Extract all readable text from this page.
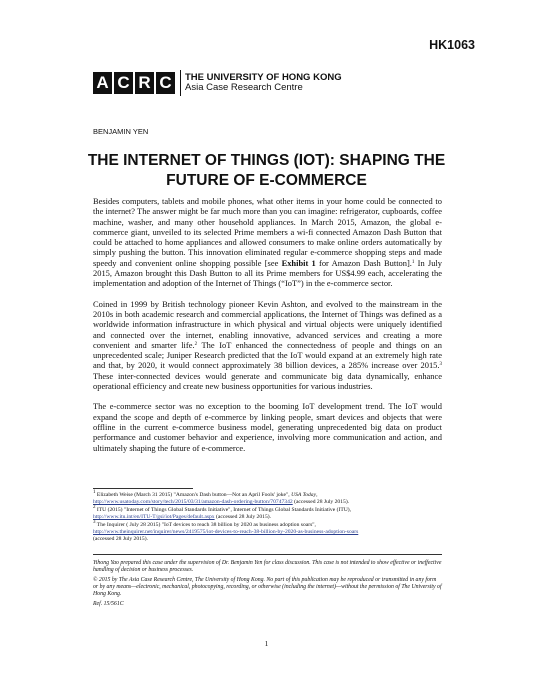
HK1063
A C R C	THE UNIVERSITY OF HONG KONG
Asia Case Research Centre
BENJAMIN YEN
THE INTERNET OF THINGS (IOT): SHAPING THE
FUTURE OF E-COMMERCE

Besides computers, tablets and mobile phones, what other items in your home could be connected to the internet? The answer might be far much more than you can imagine: refrigerator, cupboards, coffee machine, washer, and many other household appliances. In March 2015, Amazon, the global e-commerce giant, unveiled to its selected Prime members a wi-fi connected Amazon Dash Button that could be attached to home appliances and allowed consumers to make online orders automatically by simply pushing the button. This innovation eliminated regular e-commerce shopping steps and made speedy and convenient online shopping possible [see Exhibit 1 for Amazon Dash Button].$^1$ In July 2015, Amazon brought this Dash Button to all its Prime members for US$4.99 each, accelerating the implementation and adoption of the Internet of Things (“IoT”) in the e-commerce sector.

Coined in 1999 by British technology pioneer Kevin Ashton, and evolved to the mainstream in the 2010s in both academic research and commercial applications, the Internet of Things was defined as a worldwide information infrastructure in which physical and virtual objects were uniquely identified and connected over the internet, enabling innovative, advanced services and creating a more convenient and smarter life.$^2$ The IoT enhanced the connectedness of people and things on an unprecedented scale; Juniper Research predicted that the IoT would expand at an extremely high rate and that, by 2020, it would connect approximately 38 billion devices, a 285% increase over 2015.$^3$ These inter-connected devices would generate and communicate big data dynamically, enhance operational efficiency and create new business opportunities for various industries.

The e-commerce sector was no exception to the booming IoT development trend. The IoT would expand the scope and depth of e-commerce by linking people, smart devices and objects that were offline in the current e-commerce business model, generating unprecedented big data on product performance and customer behavior and experience, involving more communication and action, and ultimately shaping the future of e-commerce.

$^1$ Elizabeth Weise (March 31 2015) "Amazon's Dash button—Not an April Fools' joke", USA Today,
http://www.usatoday.com/story/tech/2015/03/31/amazon-dash-ordering-button/70747342 (accessed 28 July 2015).
$^2$ ITU (2015) "Internet of Things Global Standards Initiative", Internet of Things Global Standards Initiative (ITU),
http://www.itu.int/en/ITU-T/gsi/iot/Pages/default.aspx (accessed 28 July 2015).
$^3$ The Inquirer ( July 28 2015) "IoT devices to reach 38 billion by 2020 as business adoption soars",
http://www.theinquirer.net/inquirer/news/2419575/iot-devices-to-reach-38-billion-by-2020-as-business-adoption-soars
(accessed 28 July 2015).

Yihong Yao prepared this case under the supervision of Dr. Benjamin Yen for class discussion. This case is not intended to show effective or ineffective handling of decision or business processes.

© 2015 by The Asia Case Research Centre, The University of Hong Kong. No part of this publication may be reproduced or transmitted in any form or by any means—electronic, mechanical, photocopying, recording, or otherwise (including the internet)—without the permission of The University of Hong Kong.

Ref. 15/561C

1
